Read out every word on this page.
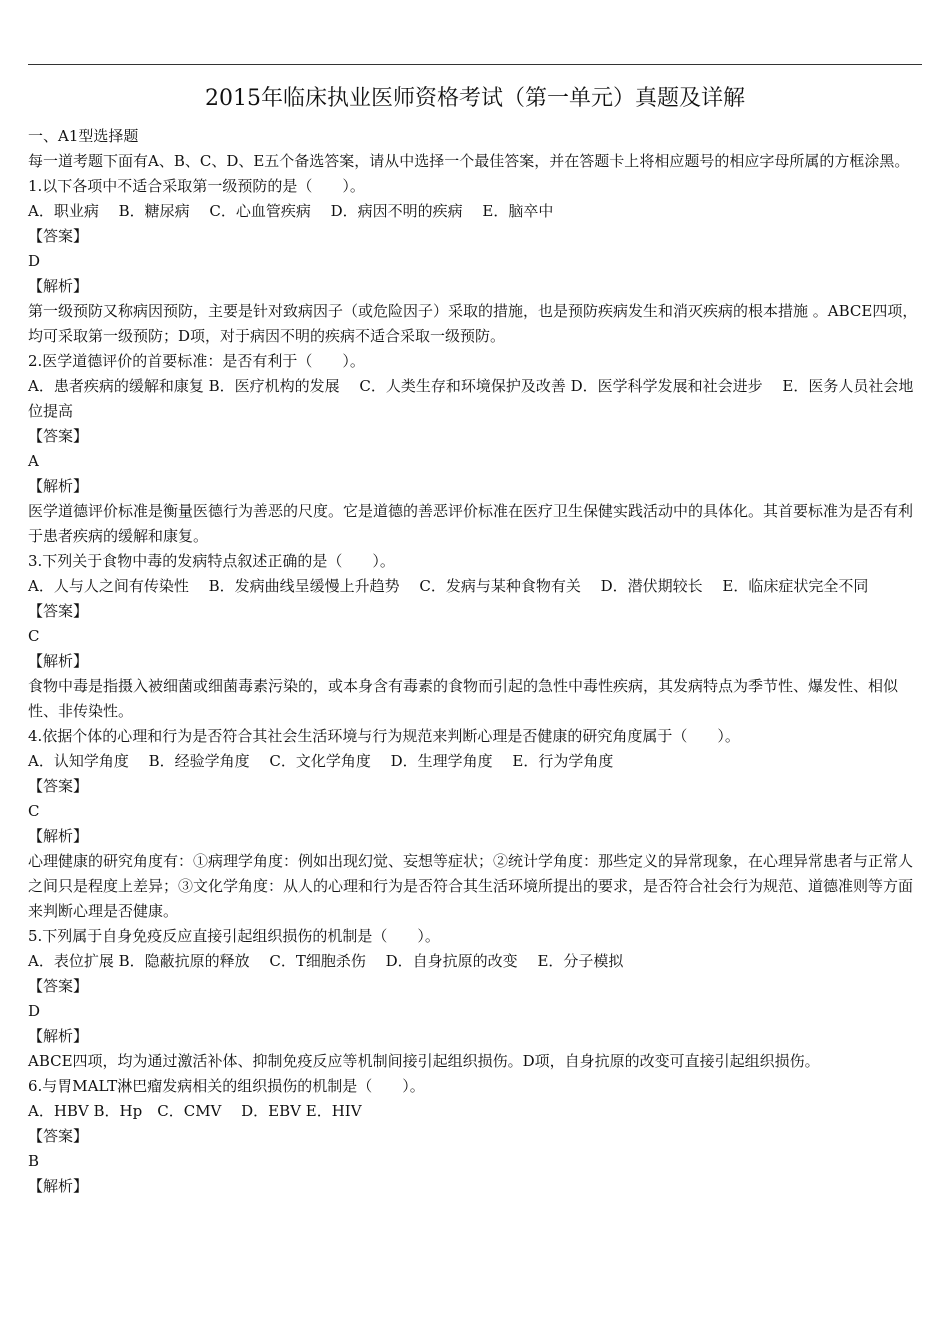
2015年临床执业医师资格考试（第一单元）真题及详解

一、A1型选择题

每一道考题下面有A、B、C、D、E五个备选答案，请从中选择一个最佳答案，并在答题卡上将相应题号的相应字母所属的方框涂黑。

1.以下各项中不适合采取第一级预防的是（　　）。

A．职业病　 B．糖尿病　 C．心血管疾病　 D．病因不明的疾病　 E．脑卒中

【答案】

D

【解析】

第一级预防又称病因预防，主要是针对致病因子（或危险因子）采取的措施，也是预防疾病发生和消灭疾病的根本措施 。ABCE四项，均可采取第一级预防；D项，对于病因不明的疾病不适合采取一级预防。

2.医学道德评价的首要标准：是否有利于（　　）。

A．患者疾病的缓解和康复 B．医疗机构的发展　 C．人类生存和环境保护及改善 D．医学科学发展和社会进步　 E．医务人员社会地位提高

【答案】

A

【解析】

医学道德评价标准是衡量医德行为善恶的尺度。它是道德的善恶评价标准在医疗卫生保健实践活动中的具体化。其首要标准为是否有利于患者疾病的缓解和康复。

3.下列关于食物中毒的发病特点叙述正确的是（　　）。

A．人与人之间有传染性　 B．发病曲线呈缓慢上升趋势　 C．发病与某种食物有关　 D．潜伏期较长　 E．临床症状完全不同

【答案】

C

【解析】

食物中毒是指摄入被细菌或细菌毒素污染的，或本身含有毒素的食物而引起的急性中毒性疾病，其发病特点为季节性、爆发性、相似性、非传染性。

4.依据个体的心理和行为是否符合其社会生活环境与行为规范来判断心理是否健康的研究角度属于（　　）。

A．认知学角度　 B．经验学角度　 C．文化学角度　 D．生理学角度　 E．行为学角度

【答案】

C

【解析】

心理健康的研究角度有：①病理学角度：例如出现幻觉、妄想等症状；②统计学角度：那些定义的异常现象，在心理异常患者与正常人之间只是程度上差异；③文化学角度：从人的心理和行为是否符合其生活环境所提出的要求，是否符合社会行为规范、道德准则等方面来判断心理是否健康。

5.下列属于自身免疫反应直接引起组织损伤的机制是（　　）。

A．表位扩展 B．隐蔽抗原的释放　 C．T细胞杀伤　 D．自身抗原的改变　 E．分子模拟

【答案】

D

【解析】

ABCE四项，均为通过激活补体、抑制免疫反应等机制间接引起组织损伤。D项，自身抗原的改变可直接引起组织损伤。

6.与胃MALT淋巴瘤发病相关的组织损伤的机制是（　　）。

A．HBV B．Hp　C．CMV　 D．EBV E．HIV

【答案】

B

【解析】
